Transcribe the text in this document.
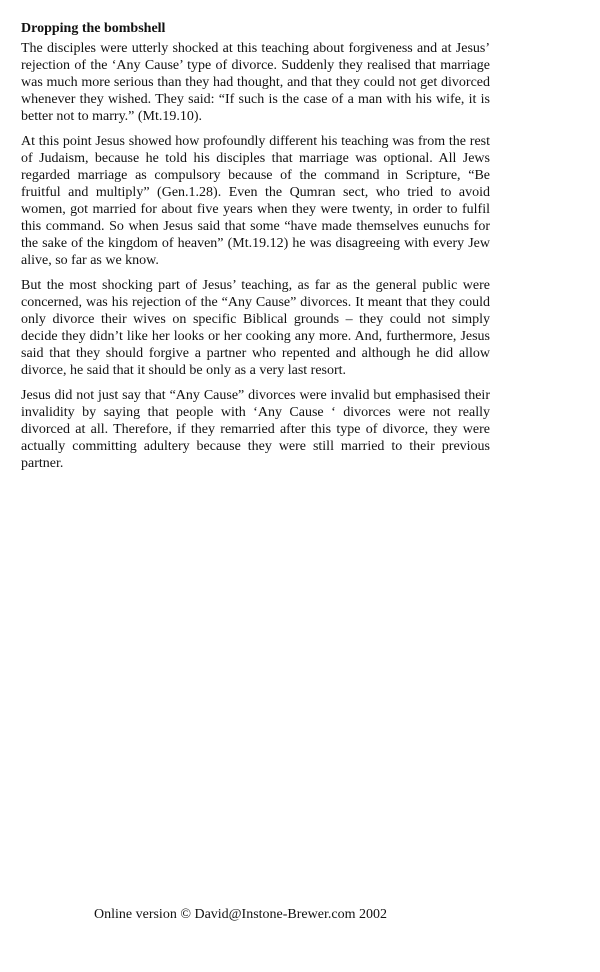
Dropping the bombshell

The disciples were utterly shocked at this teaching about forgiveness and at Jesus’ rejection of the ‘Any Cause’ type of divorce. Suddenly they realised that marriage was much more serious than they had thought, and that they could not get divorced whenever they wished. They said: “If such is the case of a man with his wife, it is better not to marry.” (Mt.19.10).

At this point Jesus showed how profoundly different his teaching was from the rest of Judaism, because he told his disciples that marriage was optional. All Jews regarded marriage as compulsory because of the command in Scripture, “Be fruitful and multiply” (Gen.1.28). Even the Qumran sect, who tried to avoid women, got married for about five years when they were twenty, in order to fulfil this command. So when Jesus said that some “have made themselves eunuchs for the sake of the kingdom of heaven” (Mt.19.12) he was disagreeing with every Jew alive, so far as we know.

But the most shocking part of Jesus’ teaching, as far as the general public were concerned, was his rejection of the “Any Cause” divorces. It meant that they could only divorce their wives on specific Biblical grounds – they could not simply decide they didn’t like her looks or her cooking any more. And, furthermore, Jesus said that they should forgive a partner who repented and although he did allow divorce, he said that it should be only as a very last resort.

Jesus did not just say that “Any Cause” divorces were invalid but emphasised their invalidity by saying that people with ‘Any Cause ‘ divorces were not really divorced at all. Therefore, if they remarried after this type of divorce, they were actually committing adultery because they were still married to their previous partner.

Online version © David@Instone-Brewer.com 2002
